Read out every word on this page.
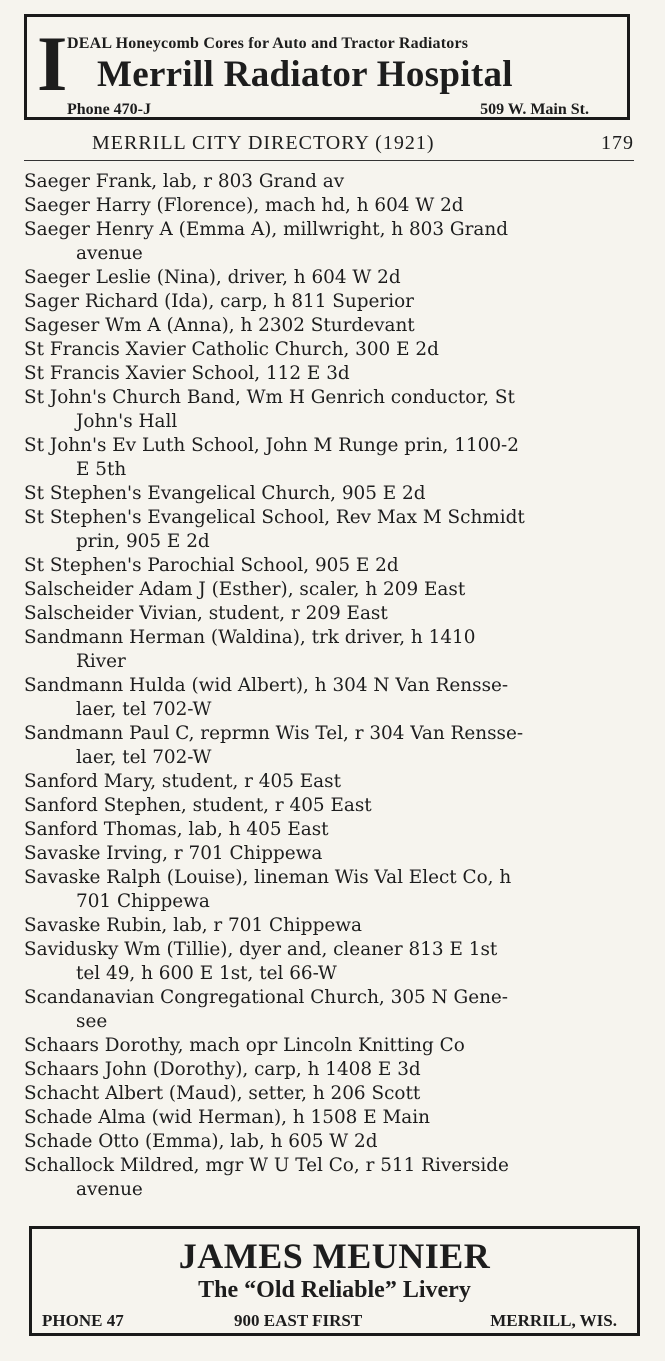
I DEAL Honeycomb Cores for Auto and Tractor Radiators
Merrill Radiator Hospital
Phone 470-J	509 W. Main St.
MERRILL CITY DIRECTORY (1921)	179
Saeger Frank, lab, r 803 Grand av
Saeger Harry (Florence), mach hd, h 604 W 2d
Saeger Henry A (Emma A), millwright, h 803 Grand
avenue
Saeger Leslie (Nina), driver, h 604 W 2d
Sager Richard (Ida), carp, h 811 Superior
Sageser Wm A (Anna), h 2302 Sturdevant
St Francis Xavier Catholic Church, 300 E 2d
St Francis Xavier School, 112 E 3d
St John's Church Band, Wm H Genrich conductor, St
John's Hall
St John's Ev Luth School, John M Runge prin, 1100-2
E 5th
St Stephen's Evangelical Church, 905 E 2d
St Stephen's Evangelical School, Rev Max M Schmidt
prin, 905 E 2d
St Stephen's Parochial School, 905 E 2d
Salscheider Adam J (Esther), scaler, h 209 East
Salscheider Vivian, student, r 209 East
Sandmann Herman (Waldina), trk driver, h 1410
River
Sandmann Hulda (wid Albert), h 304 N Van Rensse-
laer, tel 702-W
Sandmann Paul C, reprmn Wis Tel, r 304 Van Rensse-
laer, tel 702-W
Sanford Mary, student, r 405 East
Sanford Stephen, student, r 405 East
Sanford Thomas, lab, h 405 East
Savaske Irving, r 701 Chippewa
Savaske Ralph (Louise), lineman Wis Val Elect Co, h
701 Chippewa
Savaske Rubin, lab, r 701 Chippewa
Savidusky Wm (Tillie), dyer and, cleaner 813 E 1st
tel 49, h 600 E 1st, tel 66-W
Scandanavian Congregational Church, 305 N Gene-
see
Schaars Dorothy, mach opr Lincoln Knitting Co
Schaars John (Dorothy), carp, h 1408 E 3d
Schacht Albert (Maud), setter, h 206 Scott
Schade Alma (wid Herman), h 1508 E Main
Schade Otto (Emma), lab, h 605 W 2d
Schallock Mildred, mgr W U Tel Co, r 511 Riverside
avenue
JAMES MEUNIER
The “Old Reliable” Livery
PHONE 47	900 EAST FIRST	MERRILL, WIS.
